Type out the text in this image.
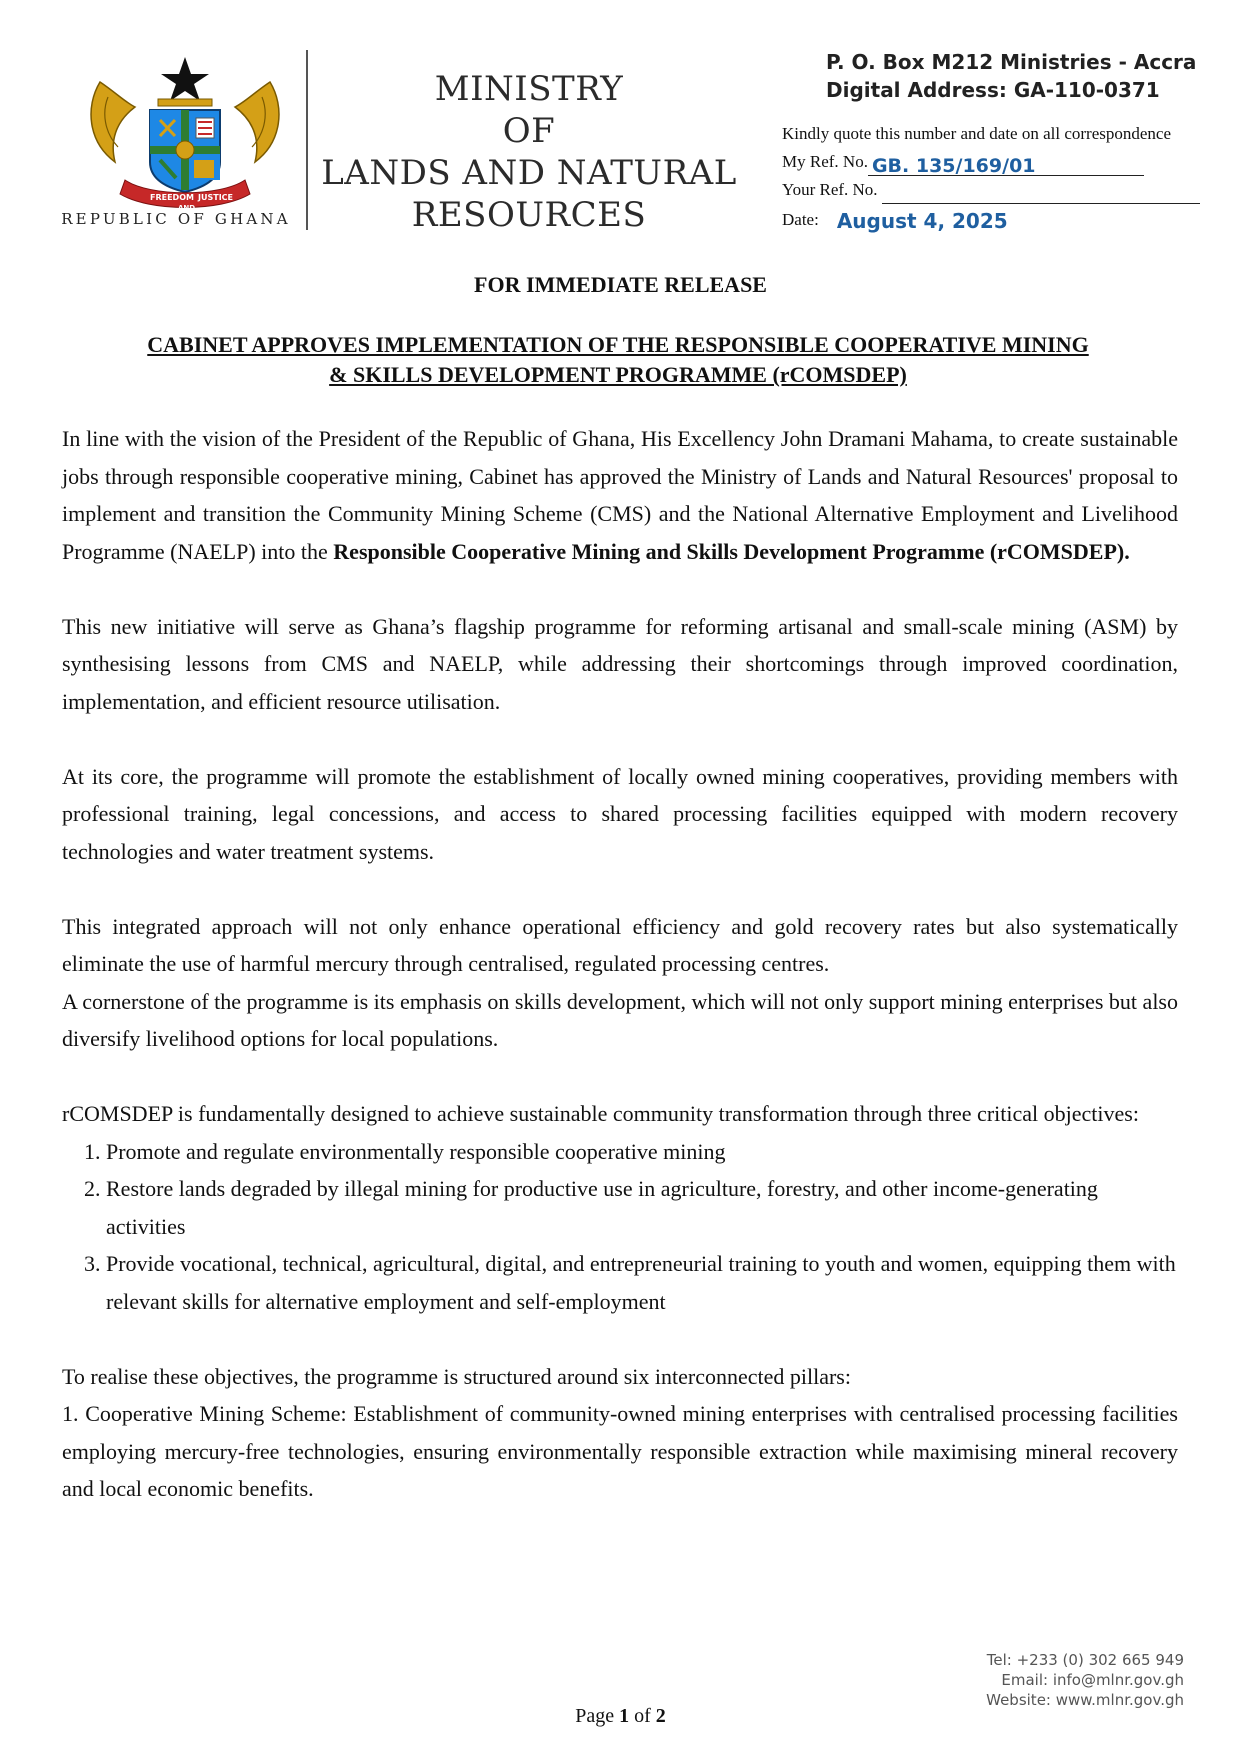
FREEDOM JUSTICE
AND
REPUBLIC OF GHANA
MINISTRY
OF
LANDS AND NATURAL
RESOURCES
P. O. Box M212 Ministries - Accra
Digital Address: GA-110-0371
Kindly quote this number and date on all correspondence
My Ref. No. GB. 135/169/01
Your Ref. No.
Date: August 4, 2025
FOR IMMEDIATE RELEASE
CABINET APPROVES IMPLEMENTATION OF THE RESPONSIBLE COOPERATIVE MINING
& SKILLS DEVELOPMENT PROGRAMME (rCOMSDEP)

In line with the vision of the President of the Republic of Ghana, His Excellency John Dramani Mahama, to create sustainable jobs through responsible cooperative mining, Cabinet has approved the Ministry of Lands and Natural Resources' proposal to implement and transition the Community Mining Scheme (CMS) and the National Alternative Employment and Livelihood Programme (NAELP) into the Responsible Cooperative Mining and Skills Development Programme (rCOMSDEP).

This new initiative will serve as Ghana’s flagship programme for reforming artisanal and small-scale mining (ASM) by synthesising lessons from CMS and NAELP, while addressing their shortcomings through improved coordination, implementation, and efficient resource utilisation.

At its core, the programme will promote the establishment of locally owned mining cooperatives, providing members with professional training, legal concessions, and access to shared processing facilities equipped with modern recovery technologies and water treatment systems.

This integrated approach will not only enhance operational efficiency and gold recovery rates but also systematically eliminate the use of harmful mercury through centralised, regulated processing centres.

A cornerstone of the programme is its emphasis on skills development, which will not only support mining enterprises but also diversify livelihood options for local populations.

rCOMSDEP is fundamentally designed to achieve sustainable community transformation through three critical objectives:

1. Promote and regulate environmentally responsible cooperative mining
2. Restore lands degraded by illegal mining for productive use in agriculture, forestry, and other income-generating activities
3. Provide vocational, technical, agricultural, digital, and entrepreneurial training to youth and women, equipping them with relevant skills for alternative employment and self-employment

To realise these objectives, the programme is structured around six interconnected pillars:

1. Cooperative Mining Scheme: Establishment of community-owned mining enterprises with centralised processing facilities employing mercury-free technologies, ensuring environmentally responsible extraction while maximising mineral recovery and local economic benefits.

Tel: +233 (0) 302 665 949
Email: info@mlnr.gov.gh
Website: www.mlnr.gov.gh
Page 1 of 2
